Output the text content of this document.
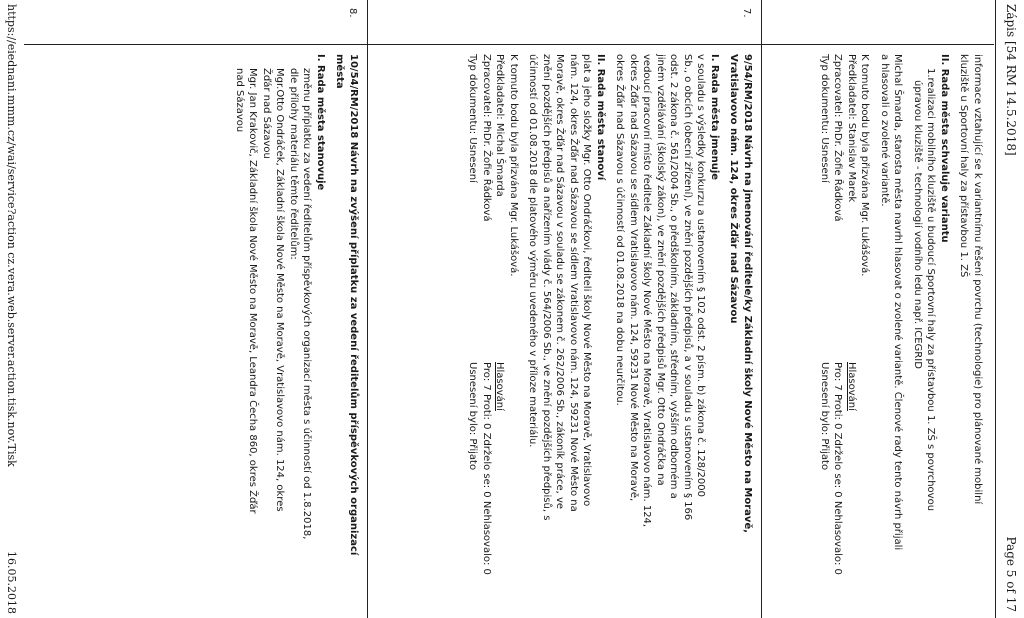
Zápis [54 RM 14.5.2018]
Page 5 of 17

informace vztahující se k variantnímu řešení povrchu (technologie) pro plánované mobilní

kluziště u Sportovní haly za přístavbou 1. ZŠ

II. Rada města schvaluje variantu

1.realizaci mobilního kluziště u budoucí Sportovní haly za přístavbou 1. ZŠ s povrchovou

úpravou kluziště - technologií vodního ledu např. ICEGRID

Michal Šmarda, starosta města navrhl hlasovat o zvolené variantě. Členové rady tento návrh přijali

a hlasovali o zvolené variantě.

K tomuto bodu byla přizvána Mgr. Lukášová.

Předkladatel: Stanislav Marek
Hlasování
Zpracovatel: PhDr. Žofie Řádková
Pro: 7 Proti: 0 Zdrželo se: 0 Nehlasovalo: 0
Typ dokumentu: Usnesení
Usnesení bylo: Přijato
7.

9/54/RM/2018 Návrh na jmenování ředitele/ky Základní školy Nové Město na Moravě,

Vratislavovo nám. 124, okres Žďár nad Sázavou

I. Rada města jmenuje

v souladu s výsledky konkurzu a ustanovením § 102 odst. 2 písm. b) zákona č. 128/2000

Sb., o obcích (obecní zřízení), ve znění pozdějších předpisů, a v souladu s ustanovením § 166

odst. 2 zákona č. 561/2004 Sb., o předškolním, základním, středním, vyšším odborném a

jiném vzdělávání (školský zákon), ve znění pozdějších předpisů Mgr. Otto Ondráčka na

vedoucí pracovní místo ředitele Základní školy Nové Město na Moravě, Vratislavovo nám. 124,

okres Žďár nad Sázavou se sídlem Vratislavovo nám. 124, 59231 Nové Město na Moravě,

okres Žďár nad Sázavou s účinností od 01.08.2018 na dobu neurčitou.

II. Rada města stanoví

plat a jeho složky Mgr. Otto Ondráčkovi, řediteli školy Nové Město na Moravě, Vratislavovo

nám. 124, okres Žďár nad Sázavou se sídlem Vratislavovo nám. 124, 59231 Nové Město na

Moravě, okres Žďár nad Sázavou v souladu se zákonem č. 262/2006 Sb., zákoník práce, ve

znění pozdějších předpisů a nařízením vlády č. 564/2006 Sb., ve znění pozdějších předpisů, s

účinností od 01.08.2018 dle platového výměru uvedeného v příloze materiálu.

K tomuto bodu byla přizvána Mgr. Lukášová.

Předkladatel: Michal Šmarda
Hlasování
Zpracovatel: PhDr. Žofie Řádková
Pro: 7 Proti: 0 Zdrželo se: 0 Nehlasovalo: 0
Typ dokumentu: Usnesení
Usnesení bylo: Přijato
8.

10/54/RM/2018 Návrh na zvýšení příplatku za vedení ředitelům příspěvkových organizací

města

I. Rada města stanovuje

změnu příplatku za vedení ředitelům příspěvkových organizací města s účinností od 1.8.2018,

dle přílohy materiálu těmto ředitelům:

Mgr.Otto Ondráček, Základní škola Nové Město na Moravě, Vratislavovo nám. 124, okres

Žďár nad Sázavou

Mgr. Jan Krakovič, Základní škola Nové Město na Moravě, Leandra Čecha 860, okres Žďár

nad Sázavou

https://eiednani.mmm.cz/wai/service?action cz.vera.web.server.action.tisk.nov.Tisk
16.05.2018
